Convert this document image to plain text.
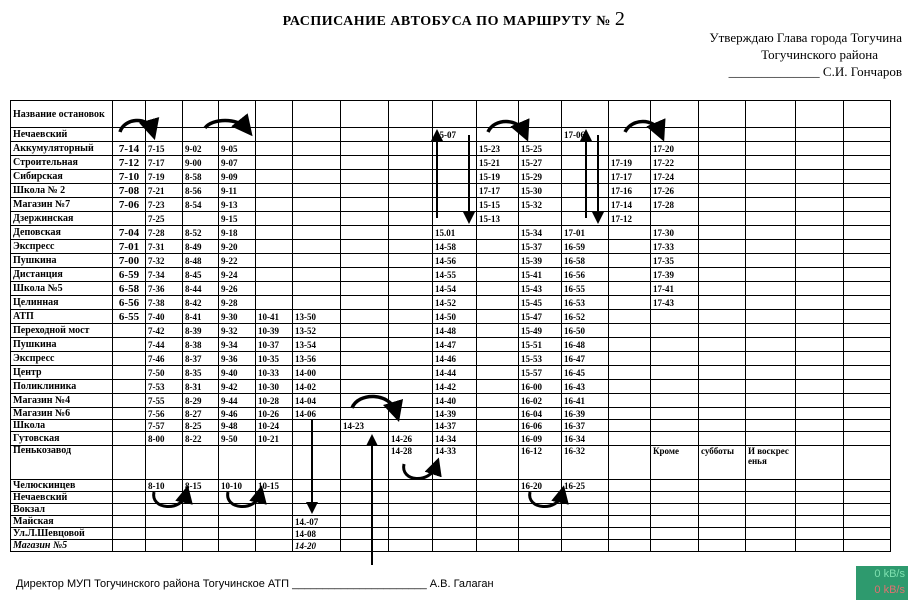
РАСПИСАНИЕ АВТОБУСА ПО МАРШРУТУ № 2
Утверждаю Глава города Тогучина
Тогучинского района
______________ С.И. Гончаров
Название остановок																		
Нечаевский									15-07			17-06						
Аккумуляторный	7-14	7-15	9-02	9-05						15-23	15-25			17-20				
Строительная	7-12	7-17	9-00	9-07						15-21	15-27		17-19	17-22				
Сибирская	7-10	7-19	8-58	9-09						15-19	15-29		17-17	17-24				
Школа № 2	7-08	7-21	8-56	9-11						17-17	15-30		17-16	17-26				
Магазин №7	7-06	7-23	8-54	9-13						15-15	15-32		17-14	17-28				
Дзержинская		7-25		9-15						15-13			17-12					
Деповская	7-04	7-28	8-52	9-18					15.01		15-34	17-01		17-30				
Экспресс	7-01	7-31	8-49	9-20					14-58		15-37	16-59		17-33				
Пушкина	7-00	7-32	8-48	9-22					14-56		15-39	16-58		17-35				
Дистанция	6-59	7-34	8-45	9-24					14-55		15-41	16-56		17-39				
Школа №5	6-58	7-36	8-44	9-26					14-54		15-43	16-55		17-41				
Целинная	6-56	7-38	8-42	9-28					14-52		15-45	16-53		17-43				
АТП	6-55	7-40	8-41	9-30	10-41	13-50			14-50		15-47	16-52						
Переходной мост		7-42	8-39	9-32	10-39	13-52			14-48		15-49	16-50						
Пушкина		7-44	8-38	9-34	10-37	13-54			14-47		15-51	16-48						
Экспресс		7-46	8-37	9-36	10-35	13-56			14-46		15-53	16-47						
Центр		7-50	8-35	9-40	10-33	14-00			14-44		15-57	16-45						
Поликлиника		7-53	8-31	9-42	10-30	14-02			14-42		16-00	16-43						
Магазин №4		7-55	8-29	9-44	10-28	14-04			14-40		16-02	16-41						
Магазин №6		7-56	8-27	9-46	10-26	14-06			14-39		16-04	16-39						
Школа		7-57	8-25	9-48	10-24		14-23		14-37		16-06	16-37						
Гутовская		8-00	8-22	9-50	10-21			14-26	14-34		16-09	16-34						
Пенькозавод								14-28	14-33		16-12	16-32		Кроме	субботы	И воскрес енья		
Челюскинцев		8-10	8-15	10-10	10-15						16-20	16-25						
Нечаевский																		
Вокзал																		
Майская						14.-07												
Ул.Л.Шевцовой						14-08												
Магазин №5						14-20												
Директор МУП Тогучинского района Тогучинское АТП ______________________ А.В. Галаган
0 kB/s
0 kB/s
